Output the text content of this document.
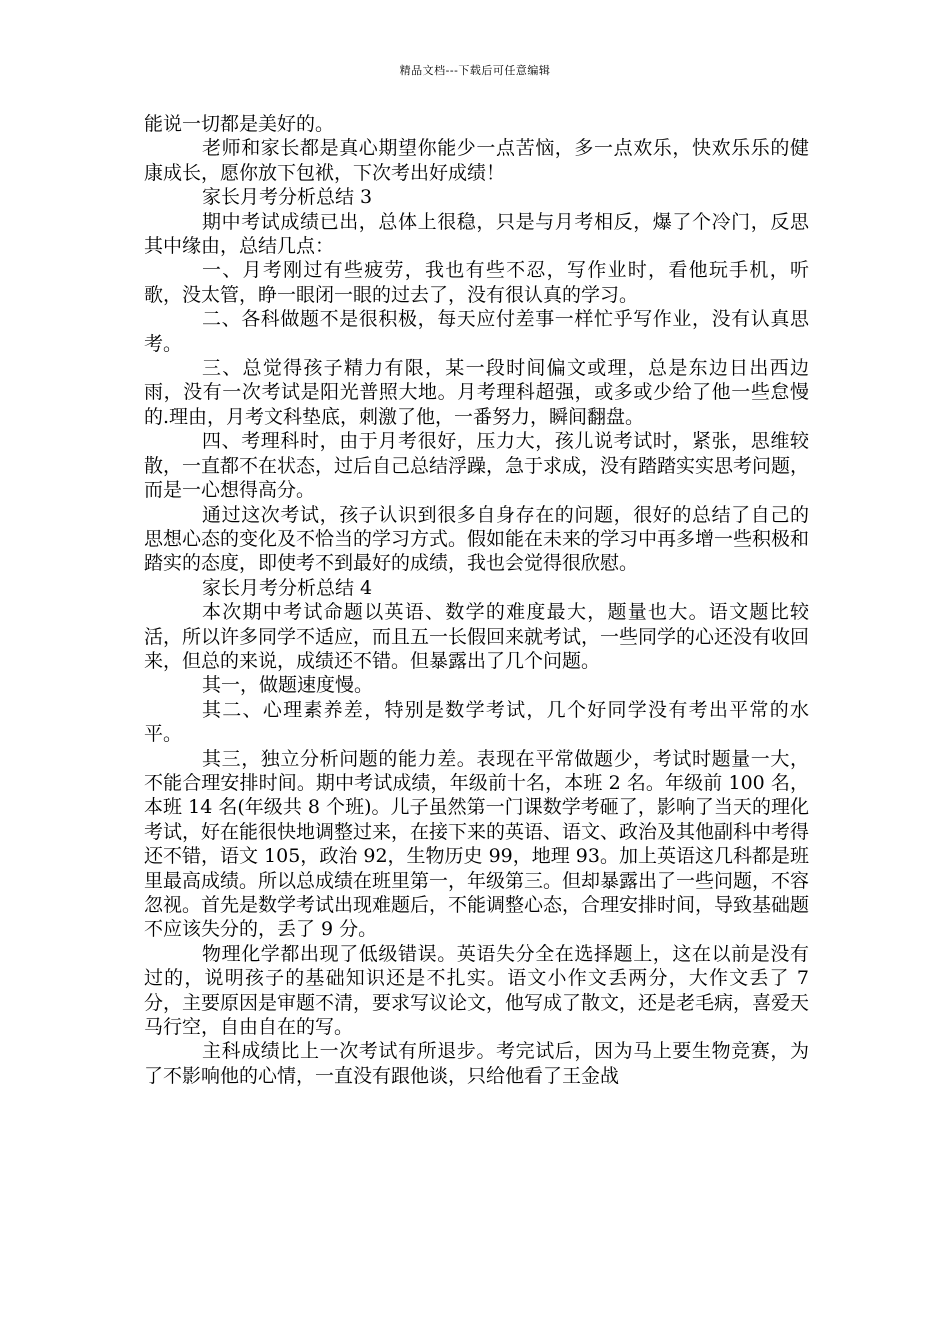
精品文档---下载后可任意编辑

能说一切都是美好的。

老师和家长都是真心期望你能少一点苦恼，多一点欢乐，快欢乐乐的健康成长，愿你放下包袱，下次考出好成绩！

家长月考分析总结 3

期中考试成绩已出，总体上很稳，只是与月考相反，爆了个冷门，反思其中缘由，总结几点：

一、月考刚过有些疲劳，我也有些不忍，写作业时，看他玩手机，听歌，没太管，睁一眼闭一眼的过去了，没有很认真的学习。

二、各科做题不是很积极，每天应付差事一样忙乎写作业，没有认真思考。

三、总觉得孩子精力有限，某一段时间偏文或理，总是东边日出西边雨，没有一次考试是阳光普照大地。月考理科超强，或多或少给了他一些怠慢的.理由，月考文科垫底，刺激了他，一番努力，瞬间翻盘。

四、考理科时，由于月考很好，压力大，孩儿说考试时，紧张，思维较散，一直都不在状态，过后自己总结浮躁，急于求成，没有踏踏实实思考问题，而是一心想得高分。

通过这次考试，孩子认识到很多自身存在的问题，很好的总结了自己的思想心态的变化及不恰当的学习方式。假如能在未来的学习中再多增一些积极和踏实的态度，即使考不到最好的成绩，我也会觉得很欣慰。

家长月考分析总结 4

本次期中考试命题以英语、数学的难度最大，题量也大。语文题比较活，所以许多同学不适应，而且五一长假回来就考试，一些同学的心还没有收回来，但总的来说，成绩还不错。但暴露出了几个问题。

其一，做题速度慢。

其二、心理素养差，特别是数学考试，几个好同学没有考出平常的水平。

其三，独立分析问题的能力差。表现在平常做题少，考试时题量一大，不能合理安排时间。期中考试成绩，年级前十名，本班 2 名。年级前 100 名，本班 14 名(年级共 8 个班)。儿子虽然第一门课数学考砸了，影响了当天的理化考试，好在能很快地调整过来，在接下来的英语、语文、政治及其他副科中考得还不错，语文 105，政治 92，生物历史 99，地理 93。加上英语这几科都是班里最高成绩。所以总成绩在班里第一，年级第三。但却暴露出了一些问题，不容忽视。首先是数学考试出现难题后，不能调整心态，合理安排时间，导致基础题不应该失分的，丢了 9 分。

物理化学都出现了低级错误。英语失分全在选择题上，这在以前是没有过的，说明孩子的基础知识还是不扎实。语文小作文丢两分，大作文丢了 7 分，主要原因是审题不清，要求写议论文，他写成了散文，还是老毛病，喜爱天马行空，自由自在的写。

主科成绩比上一次考试有所退步。考完试后，因为马上要生物竞赛，为了不影响他的心情，一直没有跟他谈，只给他看了王金战
